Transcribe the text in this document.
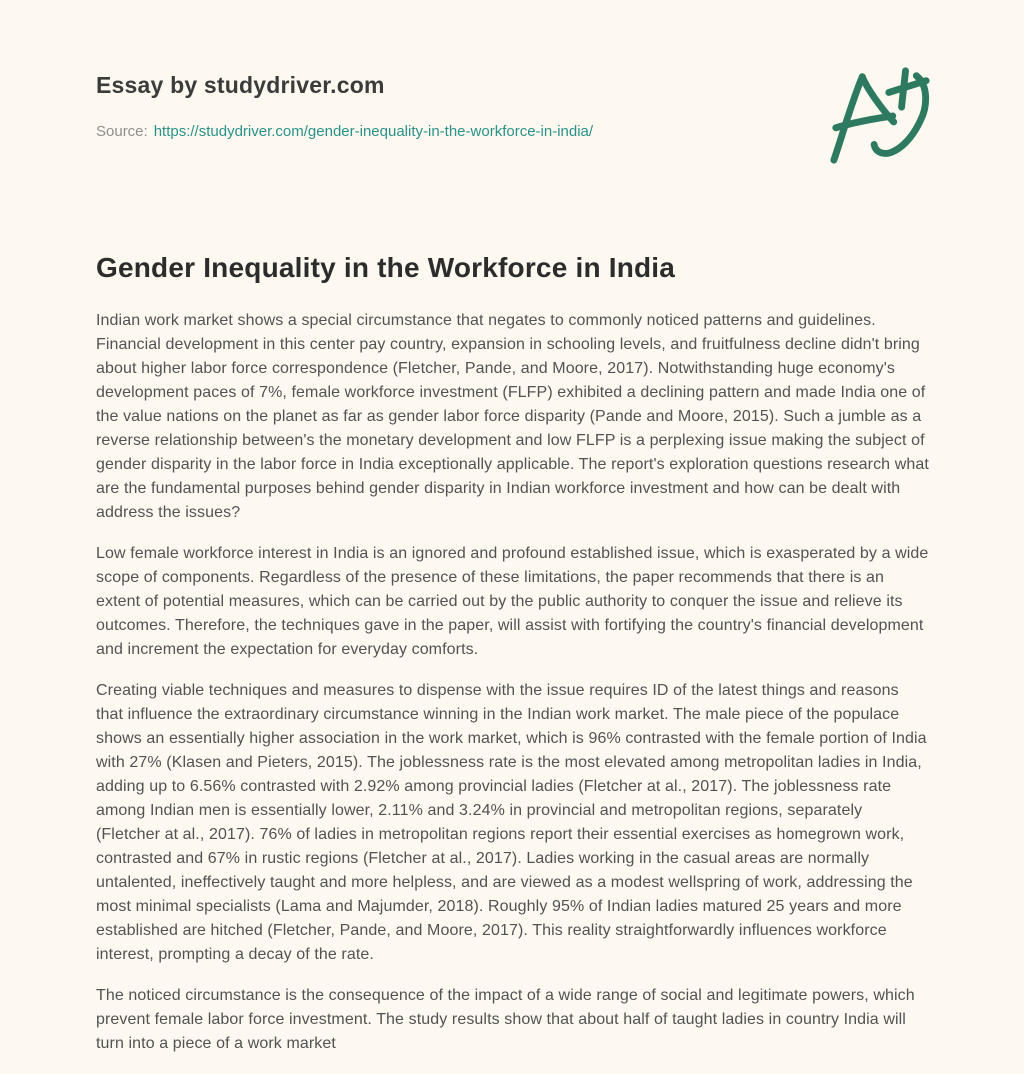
Essay by studydriver.com
Source: https://studydriver.com/gender-inequality-in-the-workforce-in-india/
Gender Inequality in the Workforce in India

Indian work market shows a special circumstance that negates to commonly noticed patterns and guidelines. Financial development in this center pay country, expansion in schooling levels, and fruitfulness decline didn't bring about higher labor force correspondence (Fletcher, Pande, and Moore, 2017). Notwithstanding huge economy's development paces of 7%, female workforce investment (FLFP) exhibited a declining pattern and made India one of the value nations on the planet as far as gender labor force disparity (Pande and Moore, 2015). Such a jumble as a reverse relationship between's the monetary development and low FLFP is a perplexing issue making the subject of gender disparity in the labor force in India exceptionally applicable. The report's exploration questions research what are the fundamental purposes behind gender disparity in Indian workforce investment and how can be dealt with address the issues?

Low female workforce interest in India is an ignored and profound established issue, which is exasperated by a wide scope of components. Regardless of the presence of these limitations, the paper recommends that there is an extent of potential measures, which can be carried out by the public authority to conquer the issue and relieve its outcomes. Therefore, the techniques gave in the paper, will assist with fortifying the country's financial development and increment the expectation for everyday comforts.

Creating viable techniques and measures to dispense with the issue requires ID of the latest things and reasons that influence the extraordinary circumstance winning in the Indian work market. The male piece of the populace shows an essentially higher association in the work market, which is 96% contrasted with the female portion of India with 27% (Klasen and Pieters, 2015). The joblessness rate is the most elevated among metropolitan ladies in India, adding up to 6.56% contrasted with 2.92% among provincial ladies (Fletcher at al., 2017). The joblessness rate among Indian men is essentially lower, 2.11% and 3.24% in provincial and metropolitan regions, separately (Fletcher at al., 2017). 76% of ladies in metropolitan regions report their essential exercises as homegrown work, contrasted and 67% in rustic regions (Fletcher at al., 2017). Ladies working in the casual areas are normally untalented, ineffectively taught and more helpless, and are viewed as a modest wellspring of work, addressing the most minimal specialists (Lama and Majumder, 2018). Roughly 95% of Indian ladies matured 25 years and more established are hitched (Fletcher, Pande, and Moore, 2017). This reality straightforwardly influences workforce interest, prompting a decay of the rate.

The noticed circumstance is the consequence of the impact of a wide range of social and legitimate powers, which prevent female labor force investment. The study results show that about half of taught ladies in country India will turn into a piece of a work market
